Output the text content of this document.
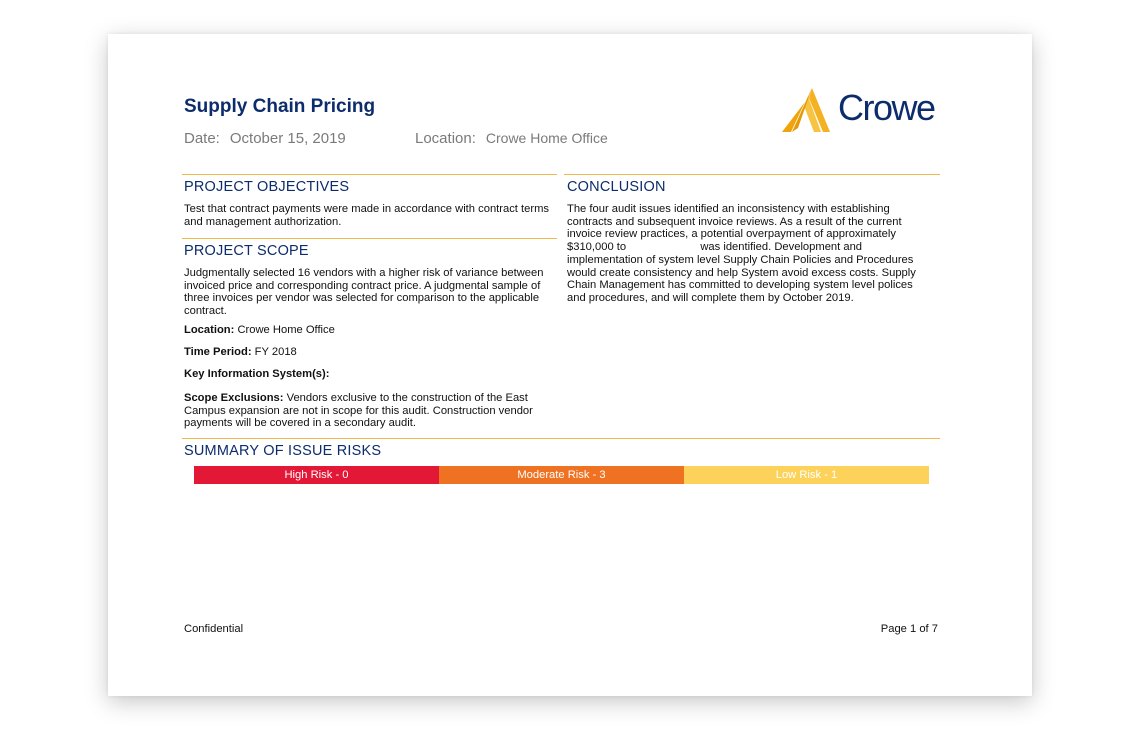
Supply Chain Pricing
Date: October 15, 2019	Location: Crowe Home Office
Crowe
PROJECT OBJECTIVES

Test that contract payments were made in accordance with contract terms and management authorization.

PROJECT SCOPE

Judgmentally selected 16 vendors with a higher risk of variance between invoiced price and corresponding contract price. A judgmental sample of three invoices per vendor was selected for comparison to the applicable contract.

Location: Crowe Home Office

Time Period: FY 2018

Key Information System(s):

Scope Exclusions: Vendors exclusive to the construction of the East Campus expansion are not in scope for this audit. Construction vendor payments will be covered in a secondary audit.

CONCLUSION

The four audit issues identified an inconsistency with establishing contracts and subsequent invoice reviews. As a result of the current invoice review practices, a potential overpayment of approximately $310,000 to	was identified. Development and implementation of system level Supply Chain Policies and Procedures would create consistency and help System avoid excess costs. Supply Chain Management has committed to developing system level polices and procedures, and will complete them by October 2019.

SUMMARY OF ISSUE RISKS
High Risk - 0	Moderate Risk - 3	Low Risk - 1
Confidential	Page 1 of 7
